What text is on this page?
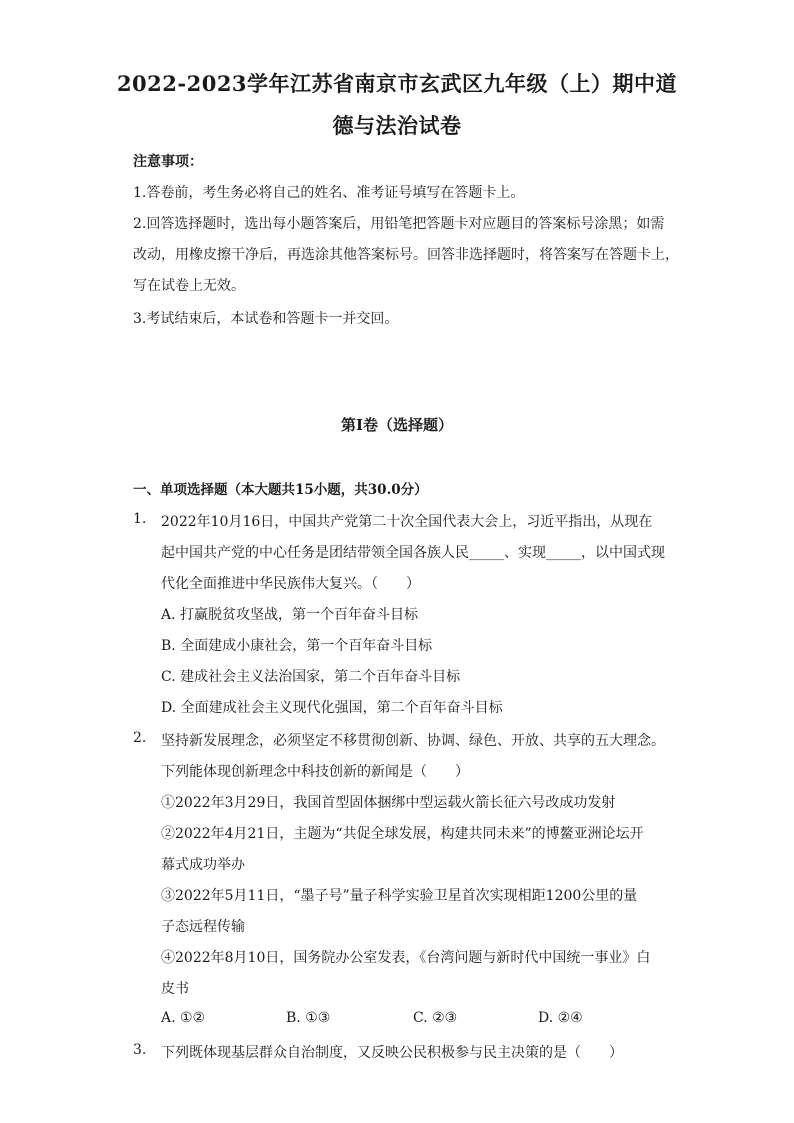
2022-2023学年江苏省南京市玄武区九年级（上）期中道
德与法治试卷
注意事项：
1.答卷前，考生务必将自己的姓名、准考证号填写在答题卡上。
2.回答选择题时，选出每小题答案后，用铅笔把答题卡对应题目的答案标号涂黑；如需
改动，用橡皮擦干净后，再选涂其他答案标号。回答非选择题时，将答案写在答题卡上，
写在试卷上无效。
3.考试结束后，本试卷和答题卡一并交回。
第I卷（选择题）
一、单项选择题（本大题共15小题，共30.0分）
1. 2022年10月16日，中国共产党第二十次全国代表大会上，习近平指出，从现在
起中国共产党的中心任务是团结带领全国各族人民_____、实现_____，以中国式现
代化全面推进中华民族伟大复兴。（　　）
A. 打赢脱贫攻坚战，第一个百年奋斗目标
B. 全面建成小康社会，第一个百年奋斗目标
C. 建成社会主义法治国家，第二个百年奋斗目标
D. 全面建成社会主义现代化强国，第二个百年奋斗目标
2. 坚持新发展理念，必须坚定不移贯彻创新、协调、绿色、开放、共享的五大理念。
下列能体现创新理念中科技创新的新闻是（　　）
①2022年3月29日，我国首型固体捆绑中型运载火箭长征六号改成功发射
②2022年4月21日，主题为“共促全球发展，构建共同未来”的博鳌亚洲论坛开
幕式成功举办
③2022年5月11日，“墨子号”量子科学实验卫星首次实现相距1200公里的量
子态远程传输
④2022年8月10日，国务院办公室发表，《台湾问题与新时代中国统一事业》白
皮书
A. ①②	B. ①③	C. ②③	D. ②④
3. 下列既体现基层群众自治制度，又反映公民积极参与民主决策的是（　　）
